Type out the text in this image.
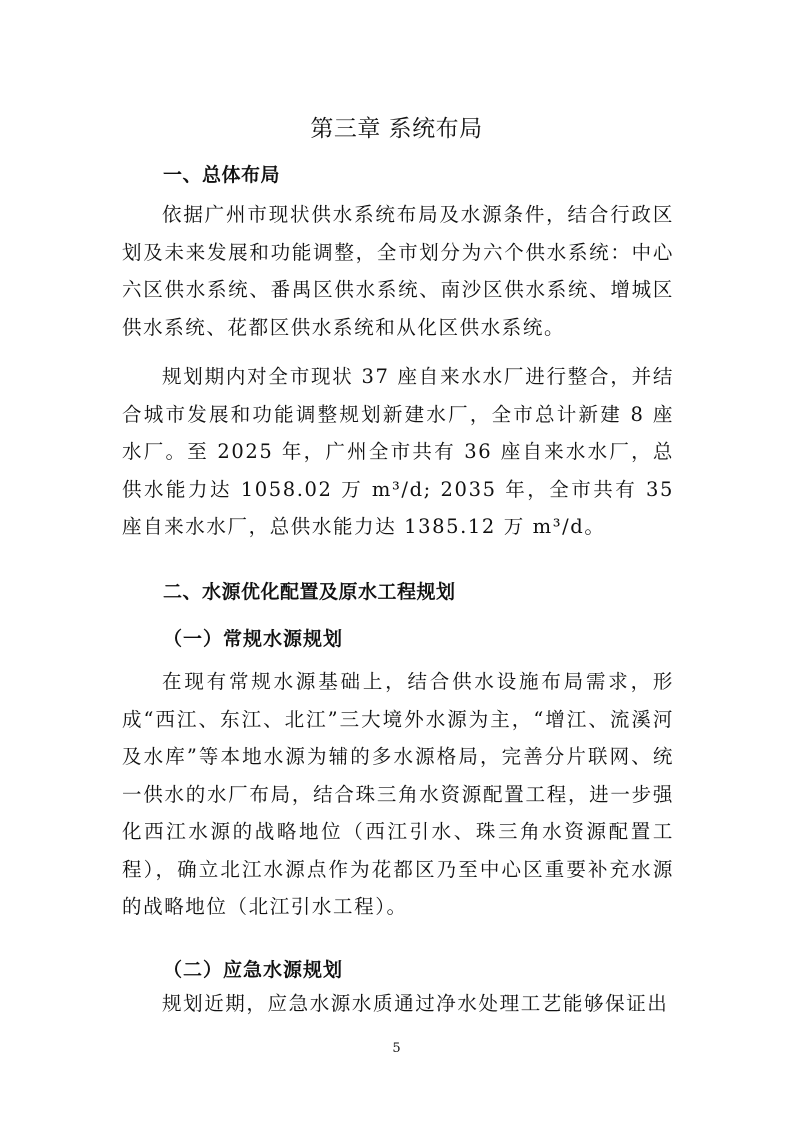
第三章 系统布局
一、总体布局

依据广州市现状供水系统布局及水源条件，结合行政区划及未来发展和功能调整，全市划分为六个供水系统：中心六区供水系统、番禺区供水系统、南沙区供水系统、增城区供水系统、花都区供水系统和从化区供水系统。

规划期内对全市现状 37 座自来水水厂进行整合，并结合城市发展和功能调整规划新建水厂，全市总计新建 8 座水厂。至 2025 年，广州全市共有 36 座自来水水厂，总供水能力达 1058.02 万 m³/d; 2035 年，全市共有 35 座自来水水厂，总供水能力达 1385.12 万 m³/d。

二、水源优化配置及原水工程规划
（一）常规水源规划

在现有常规水源基础上，结合供水设施布局需求，形成“西江、东江、北江”三大境外水源为主，“增江、流溪河及水库”等本地水源为辅的多水源格局，完善分片联网、统一供水的水厂布局，结合珠三角水资源配置工程，进一步强化西江水源的战略地位（西江引水、珠三角水资源配置工程），确立北江水源点作为花都区乃至中心区重要补充水源的战略地位（北江引水工程）。

（二）应急水源规划

规划近期，应急水源水质通过净水处理工艺能够保证出

5
